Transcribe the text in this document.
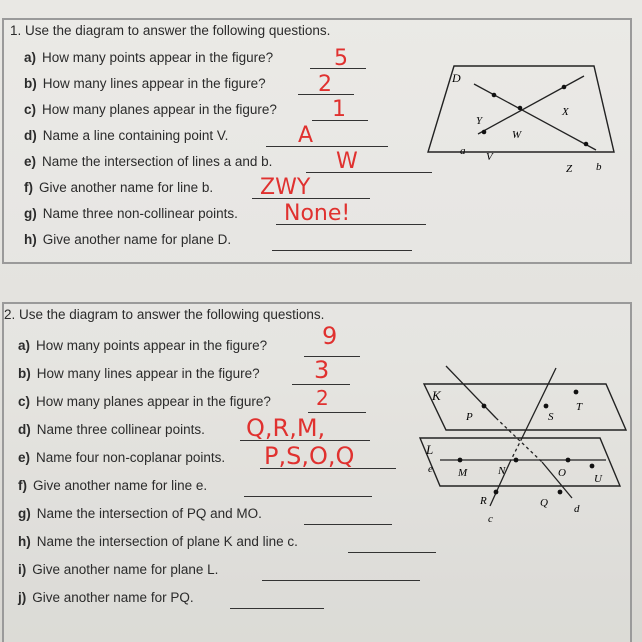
1. Use the diagram to answer the following questions.
a) How many points appear in the figure?	5
b) How many lines appear in the figure? 2
c) How many planes appear in the figure?	1
d) Name a line containing point V.	A
e) Name the intersection of lines a and b.	W
f) Give another name for line b. ZWY
g) Name three non-collinear points. None!
h) Give another name for plane D.
D
Y
X
W
V
Z
a
b
2. Use the diagram to answer the following questions.
a) How many points appear in the figure? 9
b) How many lines appear in the figure? 3
c) How many planes appear in the figure? 2
d) Name three collinear points. Q,R,M,
e) Name four non-coplanar points. P,S,O,Q
f) Give another name for line e.
g) Name the intersection of PQ and MO.
h) Name the intersection of plane K and line c.
i) Give another name for plane L.
j) Give another name for PQ.
K
L
P	S
T
M	N	O	U
R	Q
e
c
d
